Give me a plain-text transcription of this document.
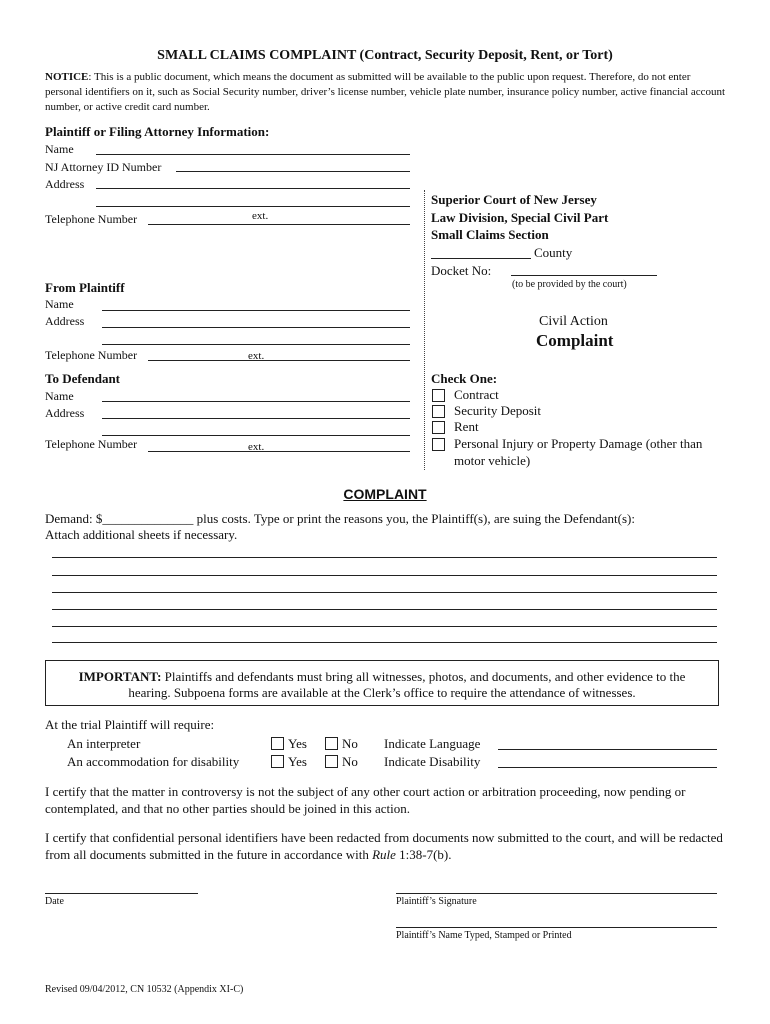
SMALL CLAIMS COMPLAINT (Contract, Security Deposit, Rent, or Tort)
NOTICE: This is a public document, which means the document as submitted will be available to the public upon request. Therefore, do not enter personal identifiers on it, such as Social Security number, driver’s license number, vehicle plate number, insurance policy number, active financial account number, or active credit card number.
Plaintiff or Filing Attorney Information:
Name
NJ Attorney ID Number
Address
Telephone Number	ext.
Superior Court of New Jersey
Law Division, Special Civil Part
Small Claims Section
County
Docket No:
(to be provided by the court)
Civil Action
Complaint
From Plaintiff
Name
Address
Telephone Number	ext.
To Defendant
Name
Address
Telephone Number	ext.
Check One:
Contract
Security Deposit
Rent
Personal Injury or Property Damage (other than
motor vehicle)
COMPLAINT
Demand: $______________ plus costs. Type or print the reasons you, the Plaintiff(s), are suing the Defendant(s):
Attach additional sheets if necessary.
IMPORTANT: Plaintiffs and defendants must bring all witnesses, photos, and documents, and other evidence to the
hearing. Subpoena forms are available at the Clerk’s office to require the attendance of witnesses.
At the trial Plaintiff will require:
An interpreter	Yes	No Indicate Language
An accommodation for disability	Yes	No Indicate Disability
I certify that the matter in controversy is not the subject of any other court action or arbitration proceeding, now pending or contemplated, and that no other parties should be joined in this action.
I certify that confidential personal identifiers have been redacted from documents now submitted to the court, and will be redacted from all documents submitted in the future in accordance with Rule 1:38-7(b).
Date	Plaintiff’s Signature
Plaintiff’s Name Typed, Stamped or Printed
Revised 09/04/2012, CN 10532 (Appendix XI-C)
